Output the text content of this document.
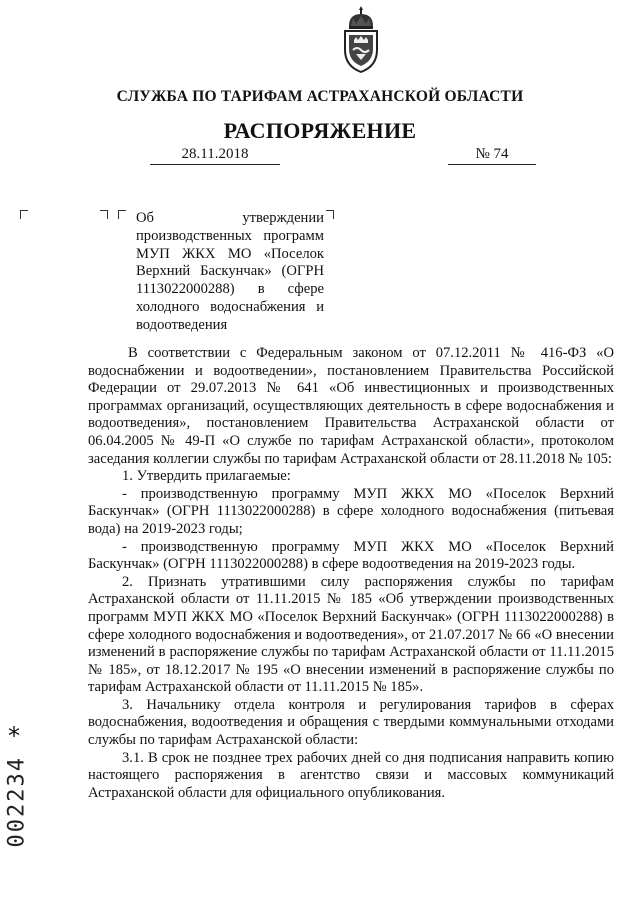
СЛУЖБА ПО ТАРИФАМ АСТРАХАНСКОЙ ОБЛАСТИ
РАСПОРЯЖЕНИЕ
28.11.2018	№ 74
Об утверждении производственных программ МУП ЖКХ МО «Поселок Верхний Баскунчак» (ОГРН 1113022000288) в сфере холодного водоснабжения и водоотведения

В соответствии с Федеральным законом от 07.12.2011 № 416-ФЗ «О водоснабжении и водоотведении», постановлением Правительства Российской Федерации от 29.07.2013 № 641 «Об инвестиционных и производственных программах организаций, осуществляющих деятельность в сфере водоснабжения и водоотведения», постановлением Правительства Астраханской области от 06.04.2005 № 49-П «О службе по тарифам Астраханской области», протоколом заседания коллегии службы по тарифам Астраханской области от 28.11.2018 № 105:

1. Утвердить прилагаемые:

- производственную программу МУП ЖКХ МО «Поселок Верхний Баскунчак» (ОГРН 1113022000288) в сфере холодного водоснабжения (питьевая вода) на 2019-2023 годы;

- производственную программу МУП ЖКХ МО «Поселок Верхний Баскунчак» (ОГРН 1113022000288) в сфере водоотведения на 2019-2023 годы.

2. Признать утратившими силу распоряжения службы по тарифам Астраханской области от 11.11.2015 № 185 «Об утверждении производственных программ МУП ЖКХ МО «Поселок Верхний Баскунчак» (ОГРН 1113022000288) в сфере холодного водоснабжения и водоотведения», от 21.07.2017 № 66 «О внесении изменений в распоряжение службы по тарифам Астраханской области от 11.11.2015 № 185», от 18.12.2017 № 195 «О внесении изменений в распоряжение службы по тарифам Астраханской области от 11.11.2015 № 185».

3. Начальнику отдела контроля и регулирования тарифов в сферах водоснабжения, водоотведения и обращения с твердыми коммунальными отходами службы по тарифам Астраханской области:

3.1. В срок не позднее трех рабочих дней со дня подписания направить копию настоящего распоряжения в агентство связи и массовых коммуникаций Астраханской области для официального опубликования.

*
002234
